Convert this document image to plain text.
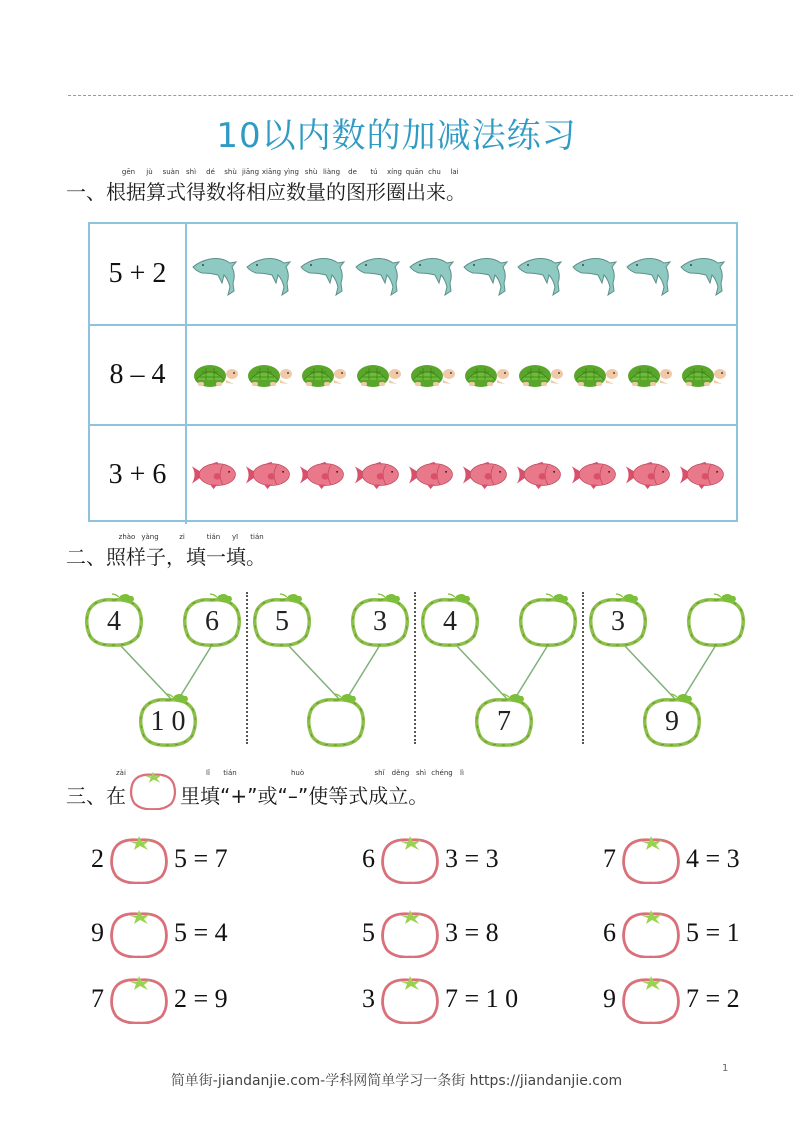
10以内数的加减法练习
gēn jù suàn shì dé shù jiāng xiāng yìng shù liàng de tú xíng quān chu lai
一、根据算式得数将相应数量的图形圈出来。
5 + 2
8 – 4
3 + 6
zhào yàng	zi	tián yī tián
二、照样子，填一填。
4	6
1 0
5	3	4
7
3
9
zài	lǐ tián	huò	shǐ děng shì chéng lì
三、在	里填“+”或“–”使等式成立。
2	5 = 7	6	3 = 3	7	4 = 3
9	5 = 4	5	3 = 8	6	5 = 1
7	2 = 9	3	7 = 1 0	9	7 = 2
简单街-jiandanjie.com-学科网简单学习一条街 https://jiandanjie.com
1
